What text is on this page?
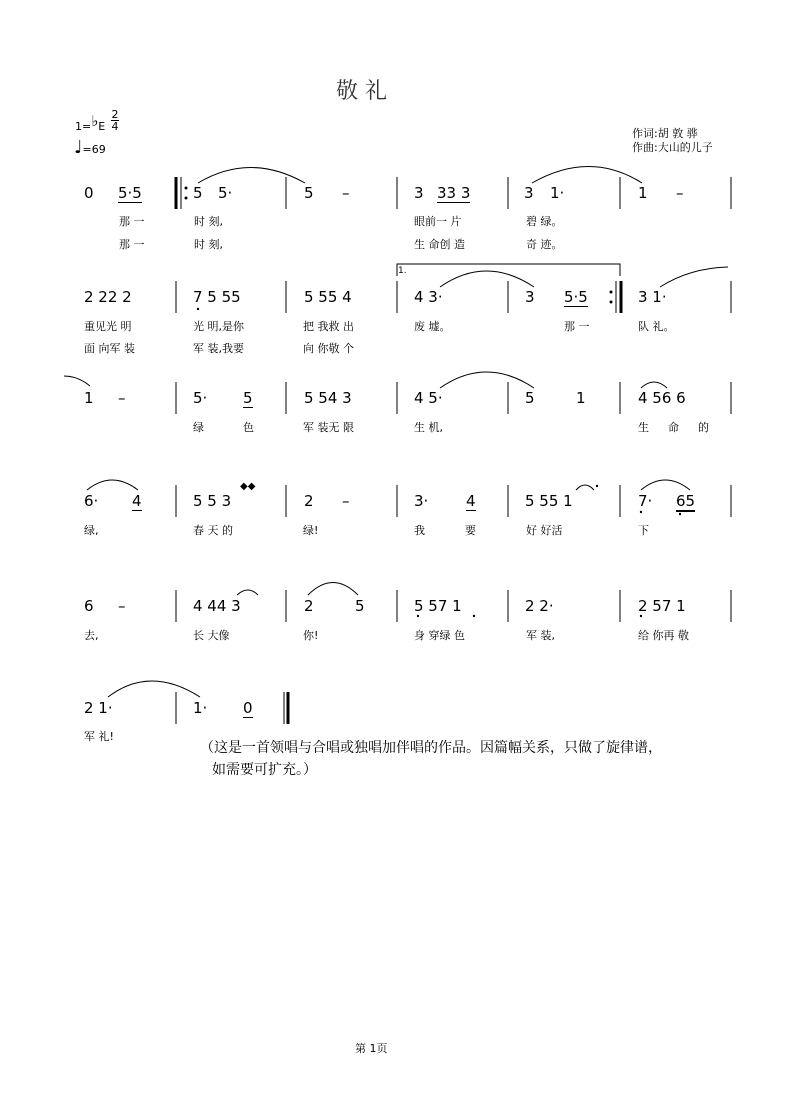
敬 礼
1=♭E
2
4
♩=69
作词:胡 敦 骅
作曲:大山的儿子
0 5·5	5 5·	5 –	3 33 3	3 1·	1 –
那 一	时 刻,	眼前一 片	碧 绿。
那 一	时 刻,	生 命创 造	奇 迹。
2 22 2	7 5 55	5 55 4	4 3·
1.
3 5·5	3 1·
重见光 明	光 明,是你	把 我救 出	废 墟。	那 一	队 礼。
面 向军 装	军 装,我要	向 你敬 个
1 –	5· 5	5 54 3	4 5·	5	1	4 56 6
绿	色	军 装无 限	生 机,	生 命 的
6· 4	5 5 3	2 –	3·	4	5 55 1	7· 65
绿,	春 天 的	绿!	我	要	好 好活	下
6 –	4 44 3	2	5	5 57 1	2 2·	2 57 1
去,	长 大像	你!	身 穿绿 色	军 装,	给 你再 敬
2 1·	1· 0
军 礼!
（这是一首领唱与合唱或独唱加伴唱的作品。因篇幅关系，只做了旋律谱，
如需要可扩充。）
第 1页
◆◆
